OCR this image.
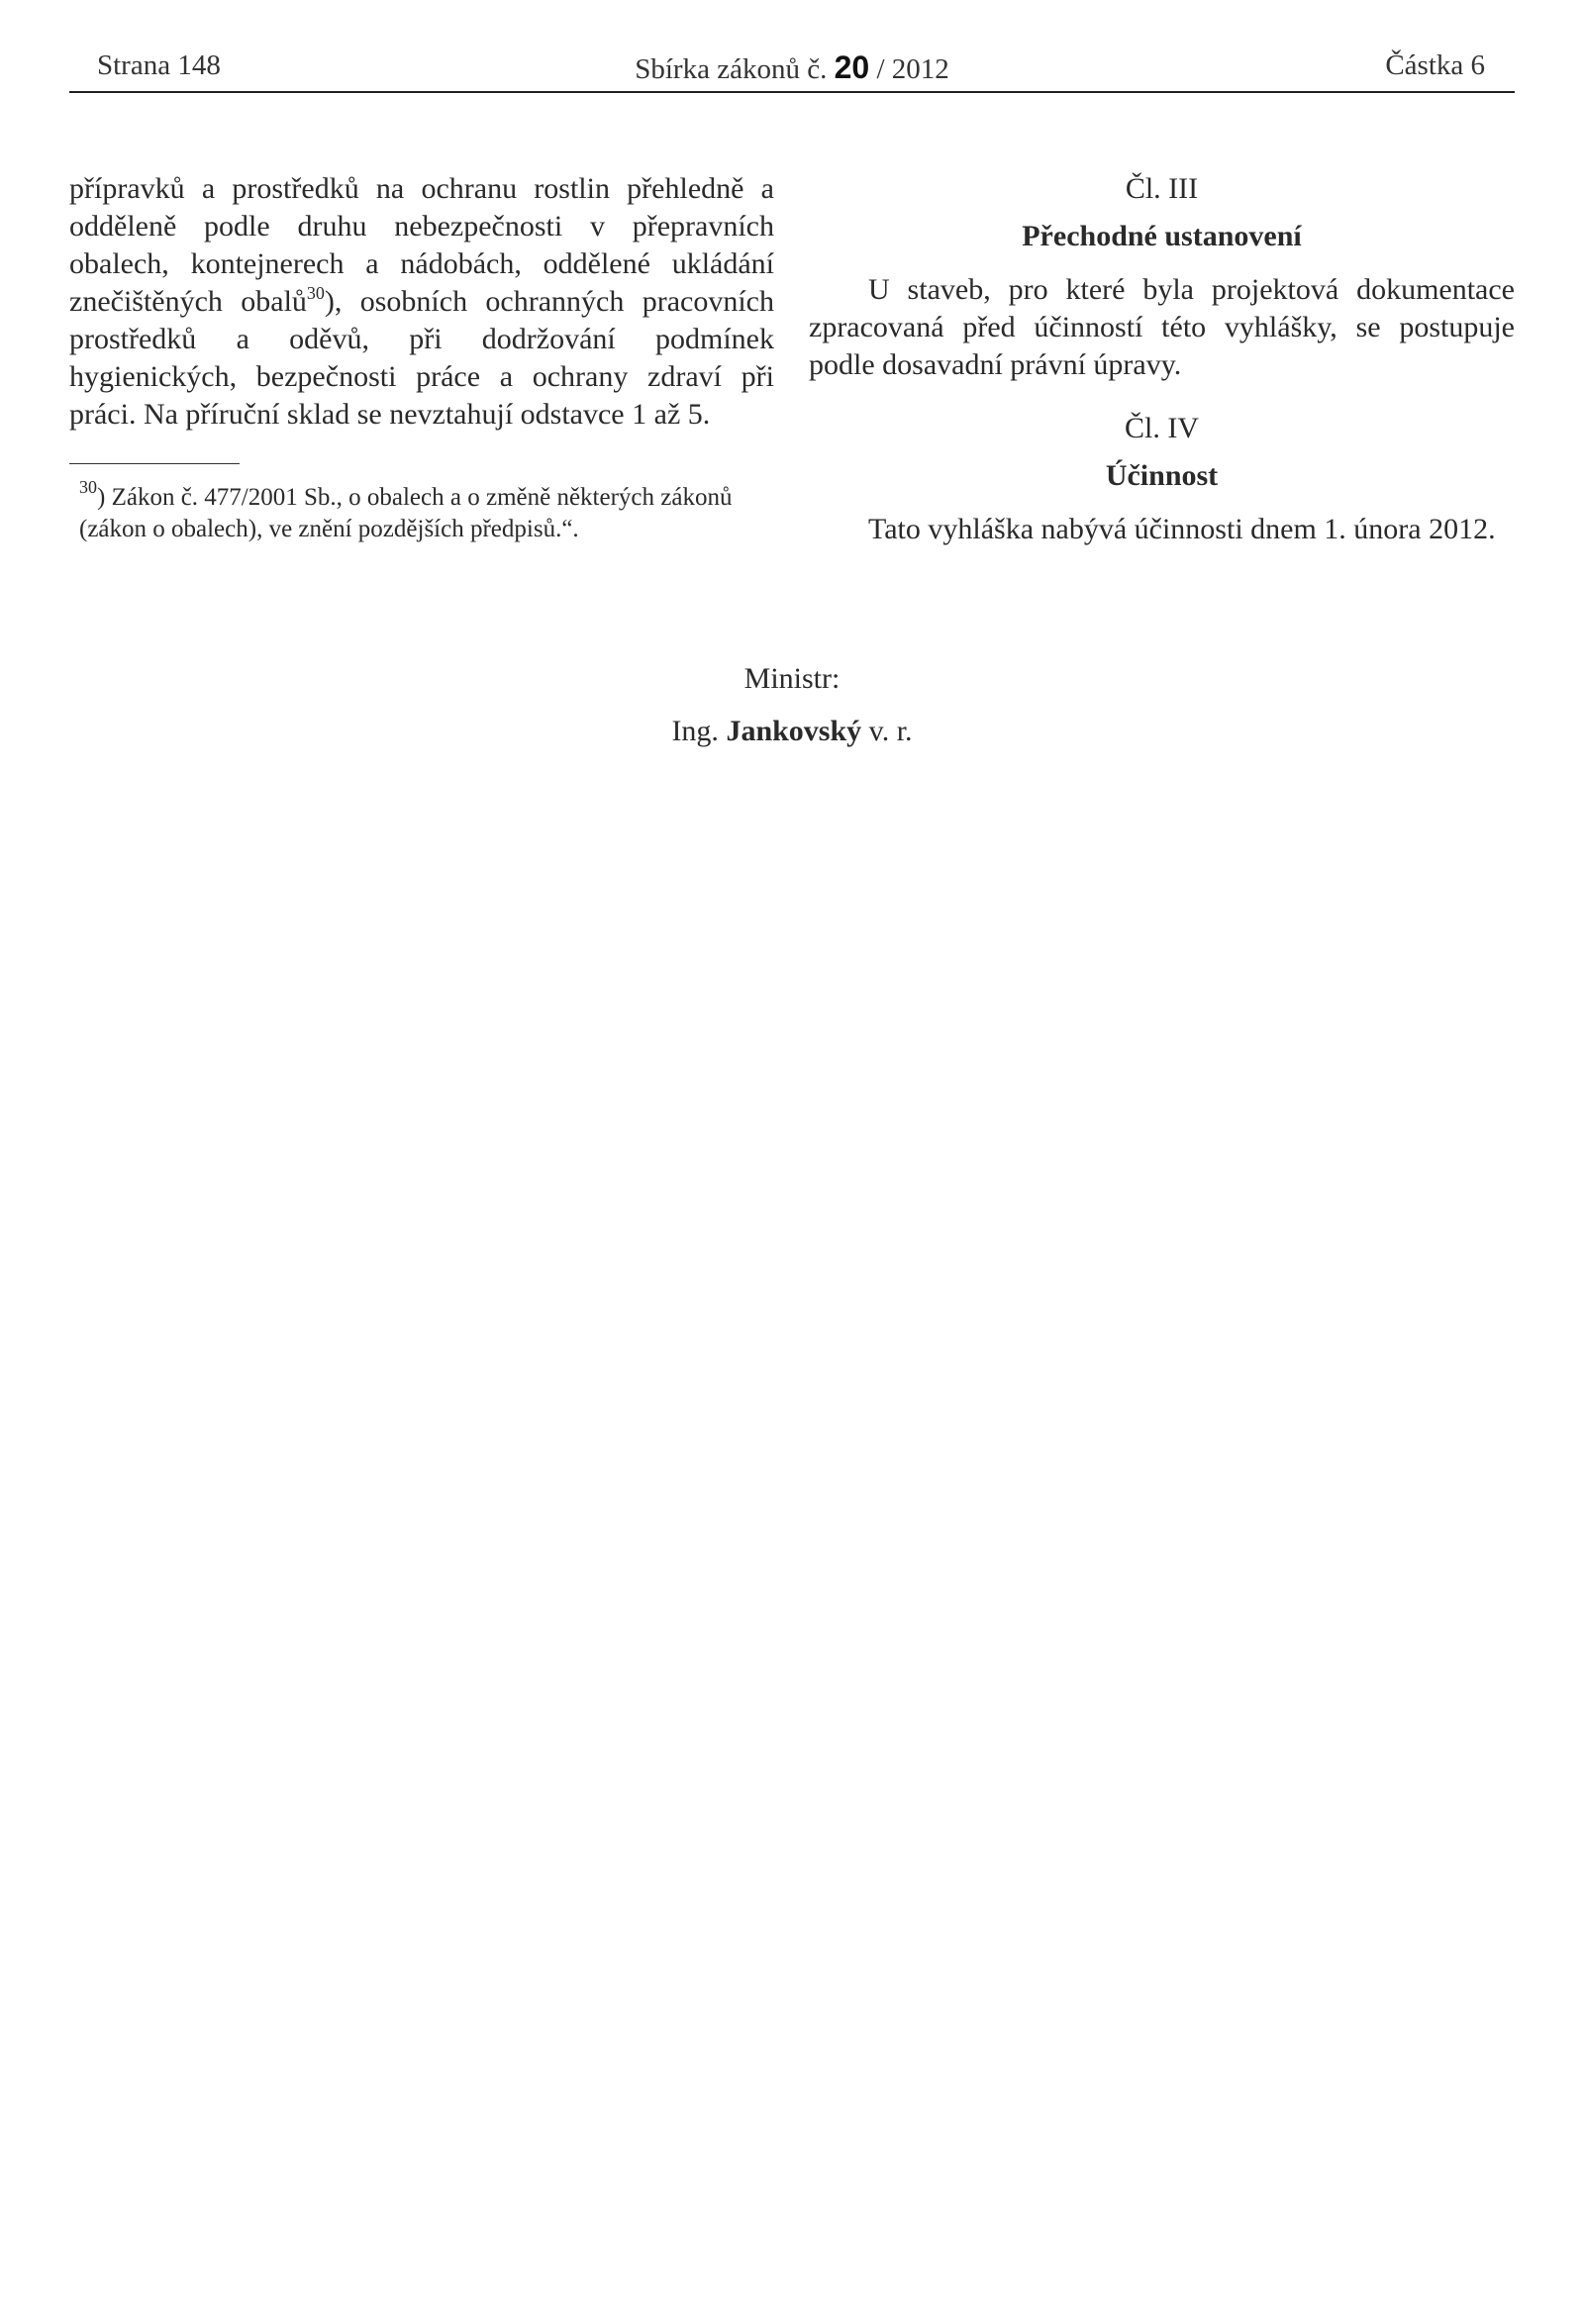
Strana 148	Sbírka zákonů č. 20 / 2012	Částka 6

přípravků a prostředků na ochranu rostlin přehledně a odděleně podle druhu nebezpečnosti v přepravních obalech, kontejnerech a nádobách, oddělené ukládání znečištěných obalů$^{30}$), osobních ochranných pracovních prostředků a oděvů, při dodržování podmínek hygienických, bezpečnosti práce a ochrany zdraví při práci. Na příruční sklad se nevztahují odstavce 1 až 5.

$^{30}$) Zákon č. 477/2001 Sb., o obalech a o změně některých zákonů (zákon o obalech), ve znění pozdějších předpisů.“.

Čl. III

Přechodné ustanovení

U staveb, pro které byla projektová dokumentace zpracovaná před účinností této vyhlášky, se postupuje podle dosavadní právní úpravy.

Čl. IV

Účinnost

Tato vyhláška nabývá účinnosti dnem 1. února 2012.

Ministr:
Ing. Jankovský v. r.
